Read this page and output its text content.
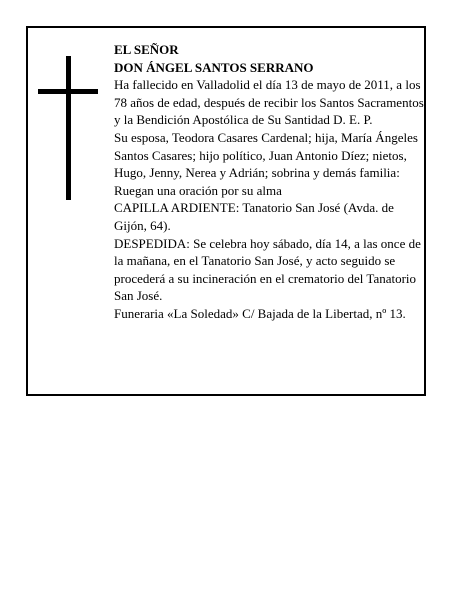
EL SEÑOR

DON ÁNGEL SANTOS SERRANO

Ha fallecido en Valladolid el día 13 de mayo de 2011, a los 78 años de edad, después de recibir los Santos Sacramentos y la Bendición Apostólica de Su Santidad D. E. P.

Su esposa, Teodora Casares Cardenal; hija, María Ángeles Santos Casares; hijo político, Juan Antonio Díez; nietos, Hugo, Jenny, Nerea y Adrián; sobrina y demás familia:

Ruegan una oración por su alma

CAPILLA ARDIENTE: Tanatorio San José (Avda. de Gijón, 64).

DESPEDIDA: Se celebra hoy sábado, día 14, a las once de la mañana, en el Tanatorio San José, y acto seguido se procederá a su incineración en el crematorio del Tanatorio San José.

Funeraria «La Soledad» C/ Bajada de la Libertad, nº 13.
